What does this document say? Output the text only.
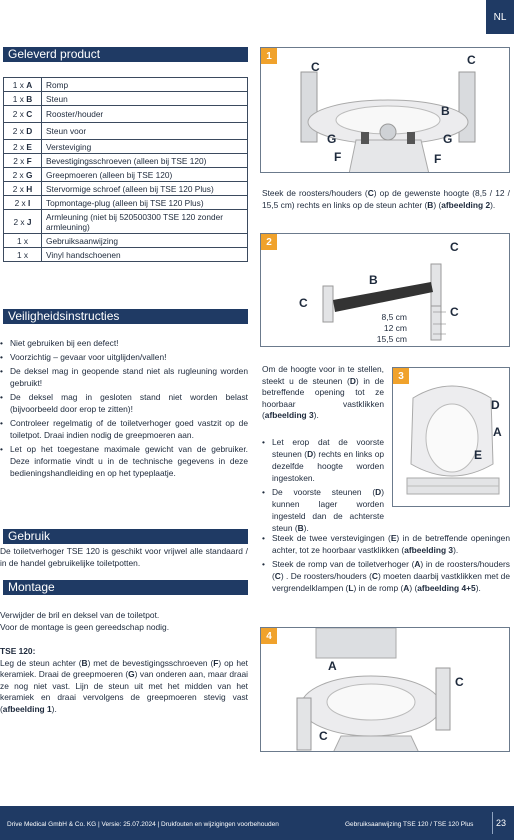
NL
Geleverd product
1 x A	Romp
1 x B	Steun
2 x C	Rooster/houder
2 x D	Steun voor
2 x E	Versteviging
2 x F	Bevestigingsschroeven (alleen bij TSE 120)
2 x G	Greepmoeren (alleen bij TSE 120)
2 x H	Stervormige schroef (alleen bij TSE 120 Plus)
2 x I	Topmontage-plug (alleen bij TSE 120 Plus)
2 x J	Armleuning (niet bij 520500300 TSE 120 zonder armleuning)
1 x	Gebruiksaanwijzing
1 x	Vinyl handschoenen
Veiligheidsinstructies
• Niet gebruiken bij een defect!
• Voorzichtig – gevaar voor uitglijden/vallen!
• De deksel mag in geopende stand niet als rugleuning worden gebruikt!
• De deksel mag in gesloten stand niet worden belast (bijvoorbeeld door erop te zitten)!
• Controleer regelmatig of de toiletverhoger goed vastzit op de toiletpot. Draai indien nodig de greepmoeren aan.
• Let op het toegestane maximale gewicht van de gebruiker. Deze informatie vindt u in de technische gegevens in deze bedieningshandleiding en op het typeplaatje.
Gebruik
De toiletverhoger TSE 120 is geschikt voor vrijwel alle standaard / in de handel gebruikelijke toiletpotten.
Montage
Verwijder de bril en deksel van de toiletpot.
Voor de montage is geen gereedschap nodig.
TSE 120:
Leg de steun achter (B) met de bevestigingsschroeven (F) op het keramiek. Draai de greepmoeren (G) van onderen aan, maar draai ze nog niet vast. Lijn de steun uit met het midden van het keramiek en draai vervolgens de greepmoeren stevig vast (afbeelding 1).
1
C	C
B
G	G
F	F
Steek de roosters/houders (C) op de gewenste hoogte (8,5 / 12 / 15,5 cm) rechts en links op de steun achter (B) (afbeelding 2).
2	C
B
C
C
8,5 cm
12 cm
15,5 cm
Om de hoogte voor in te stellen, steekt u de steunen (D) in de betreffende opening tot ze hoorbaar vastklikken (afbeelding 3).
3
D
A
E
• Let erop dat de voorste steunen (D) rechts en links op dezelfde hoogte worden ingestoken.
• De voorste steunen (D) kunnen lager worden ingesteld dan de achterste steun (B).
• Steek de twee verstevigingen (E) in de betreffende openingen achter, tot ze hoorbaar vastklikken (afbeelding 3).
• Steek de romp van de toiletverhoger (A) in de roosters/houders (C) . De roosters/houders (C) moeten daarbij vastklikken met de vergrendelklampen (L) in de romp (A) (afbeelding 4+5).
4
A
C
C
Drive Medical GmbH & Co. KG | Versie: 25.07.2024 | Drukfouten en wijzigingen voorbehouden	Gebruiksaanwijzing TSE 120 / TSE 120 Plus	23
